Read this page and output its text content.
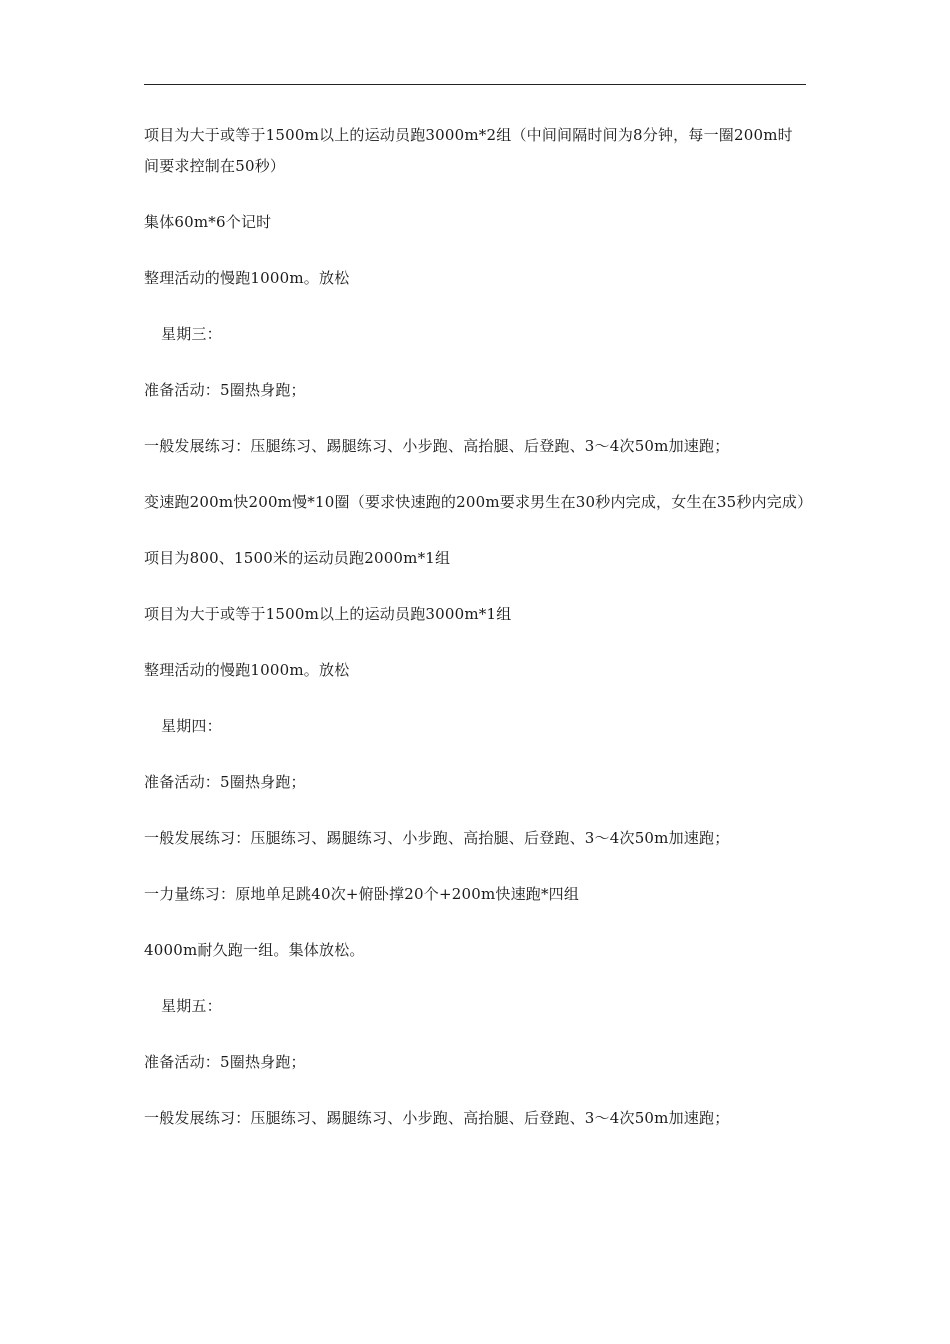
项目为大于或等于1500m以上的运动员跑3000m*2组（中间间隔时间为8分钟，每一圈200m时间要求控制在50秒）

集体60m*6个记时

整理活动的慢跑1000m。放松

星期三：

准备活动：5圈热身跑；

一般发展练习：压腿练习、踢腿练习、小步跑、高抬腿、后登跑、3～4次50m加速跑；

变速跑200m快200m慢*10圈（要求快速跑的200m要求男生在30秒内完成，女生在35秒内完成）

项目为800、1500米的运动员跑2000m*1组

项目为大于或等于1500m以上的运动员跑3000m*1组

整理活动的慢跑1000m。放松

星期四：

准备活动：5圈热身跑；

一般发展练习：压腿练习、踢腿练习、小步跑、高抬腿、后登跑、3～4次50m加速跑；

一力量练习：原地单足跳40次+俯卧撑20个+200m快速跑*四组

4000m耐久跑一组。集体放松。

星期五：

准备活动：5圈热身跑；

一般发展练习：压腿练习、踢腿练习、小步跑、高抬腿、后登跑、3～4次50m加速跑；
